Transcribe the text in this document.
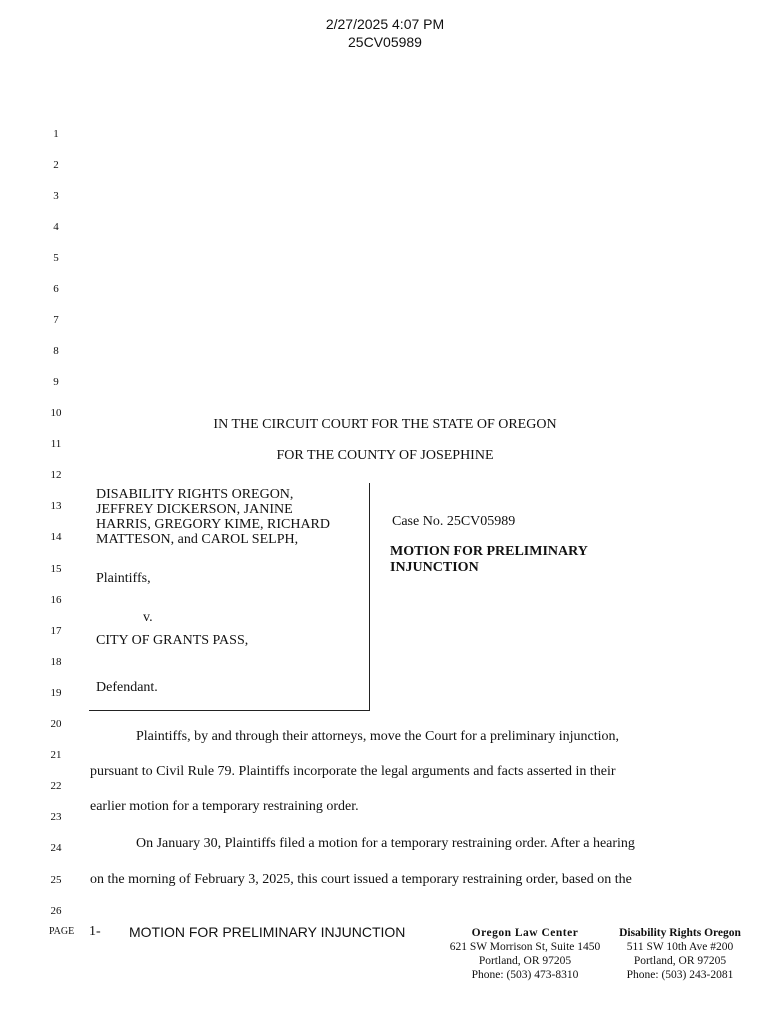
2/27/2025 4:07 PM
25CV05989
1
2
3
4
5
6
7
8
9
10
11
12
13
14
15
16
17
18
19
20
21
22
23
24
25
26
IN THE CIRCUIT COURT FOR THE STATE OF OREGON
FOR THE COUNTY OF JOSEPHINE
DISABILITY RIGHTS OREGON,
JEFFREY DICKERSON, JANINE
HARRIS, GREGORY KIME, RICHARD
MATTESON, and CAROL SELPH,
Plaintiffs,
v.
CITY OF GRANTS PASS,
Defendant.
Case No. 25CV05989
MOTION FOR PRELIMINARY
INJUNCTION
Plaintiffs, by and through their attorneys, move the Court for a preliminary injunction,
pursuant to Civil Rule 79. Plaintiffs incorporate the legal arguments and facts asserted in their
earlier motion for a temporary restraining order.
On January 30, Plaintiffs filed a motion for a temporary restraining order. After a hearing
on the morning of February 3, 2025, this court issued a temporary restraining order, based on the
PAGE 1- MOTION FOR PRELIMINARY INJUNCTION	Oregon Law Center
621 SW Morrison St, Suite 1450
Portland, OR 97205
Phone: (503) 473-8310
Disability Rights Oregon
511 SW 10th Ave #200
Portland, OR 97205
Phone: (503) 243-2081
